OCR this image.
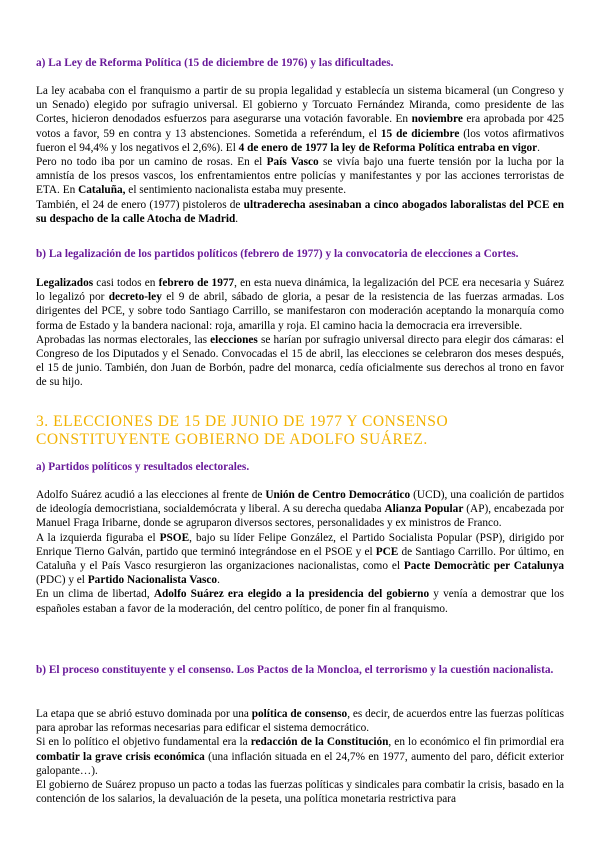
a) La Ley de Reforma Política (15 de diciembre de 1976) y las dificultades.

La ley acababa con el franquismo a partir de su propia legalidad y establecía un sistema bicameral (un Congreso y un Senado) elegido por sufragio universal. El gobierno y Torcuato Fernández Miranda, como presidente de las Cortes, hicieron denodados esfuerzos para asegurarse una votación favorable. En noviembre era aprobada por 425 votos a favor, 59 en contra y 13 abstenciones. Sometida a referéndum, el 15 de diciembre (los votos afirmativos fueron el 94,4% y los negativos el 2,6%). El 4 de enero de 1977 la ley de Reforma Política entraba en vigor.

Pero no todo iba por un camino de rosas. En el País Vasco se vivía bajo una fuerte tensión por la lucha por la amnistía de los presos vascos, los enfrentamientos entre policías y manifestantes y por las acciones terroristas de ETA. En Cataluña, el sentimiento nacionalista estaba muy presente.

También, el 24 de enero (1977) pistoleros de ultraderecha asesinaban a cinco abogados laboralistas del PCE en su despacho de la calle Atocha de Madrid.

b) La legalización de los partidos políticos (febrero de 1977) y la convocatoria de elecciones a Cortes.

Legalizados casi todos en febrero de 1977, en esta nueva dinámica, la legalización del PCE era necesaria y Suárez lo legalizó por decreto-ley el 9 de abril, sábado de gloria, a pesar de la resistencia de las fuerzas armadas. Los dirigentes del PCE, y sobre todo Santiago Carrillo, se manifestaron con moderación aceptando la monarquía como forma de Estado y la bandera nacional: roja, amarilla y roja. El camino hacia la democracia era irreversible.

Aprobadas las normas electorales, las elecciones se harían por sufragio universal directo para elegir dos cámaras: el Congreso de los Diputados y el Senado. Convocadas el 15 de abril, las elecciones se celebraron dos meses después, el 15 de junio. También, don Juan de Borbón, padre del monarca, cedía oficialmente sus derechos al trono en favor de su hijo.

3. ELECCIONES DE 15 DE JUNIO DE 1977 Y CONSENSO CONSTITUYENTE GOBIERNO DE ADOLFO SUÁREZ.
a) Partidos políticos y resultados electorales.

Adolfo Suárez acudió a las elecciones al frente de Unión de Centro Democrático (UCD), una coalición de partidos de ideología democristiana, socialdemócrata y liberal. A su derecha quedaba Alianza Popular (AP), encabezada por Manuel Fraga Iribarne, donde se agruparon diversos sectores, personalidades y ex ministros de Franco.

A la izquierda figuraba el PSOE, bajo su líder Felipe González, el Partido Socialista Popular (PSP), dirigido por Enrique Tierno Galván, partido que terminó integrándose en el PSOE y el PCE de Santiago Carrillo. Por último, en Cataluña y el País Vasco resurgieron las organizaciones nacionalistas, como el Pacte Democràtic per Catalunya (PDC) y el Partido Nacionalista Vasco.

En un clima de libertad, Adolfo Suárez era elegido a la presidencia del gobierno y venía a demostrar que los españoles estaban a favor de la moderación, del centro político, de poner fin al franquismo.

b) El proceso constituyente y el consenso. Los Pactos de la Moncloa, el terrorismo y la cuestión nacionalista.

La etapa que se abrió estuvo dominada por una política de consenso, es decir, de acuerdos entre las fuerzas políticas para aprobar las reformas necesarias para edificar el sistema democrático.

Si en lo político el objetivo fundamental era la redacción de la Constitución, en lo económico el fin primordial era combatir la grave crisis económica (una inflación situada en el 24,7% en 1977, aumento del paro, déficit exterior galopante…).

El gobierno de Suárez propuso un pacto a todas las fuerzas políticas y sindicales para combatir la crisis, basado en la contención de los salarios, la devaluación de la peseta, una política monetaria restrictiva para
